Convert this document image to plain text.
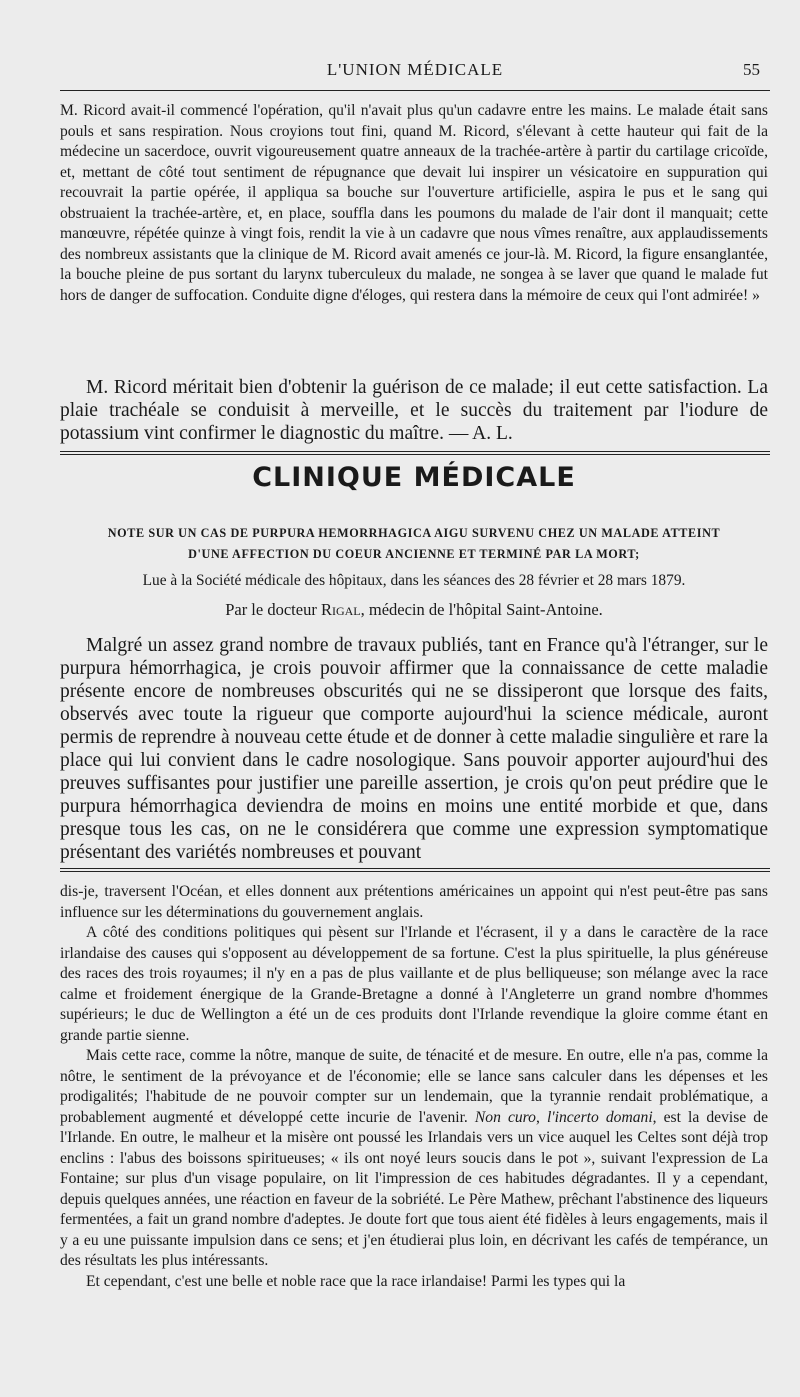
L'UNION MÉDICALE	55

M. Ricord avait-il commencé l'opération, qu'il n'avait plus qu'un cadavre entre les mains. Le malade était sans pouls et sans respiration. Nous croyions tout fini, quand M. Ricord, s'élevant à cette hauteur qui fait de la médecine un sacerdoce, ouvrit vigoureusement quatre anneaux de la trachée-artère à partir du cartilage cricoïde, et, mettant de côté tout sentiment de répugnance que devait lui inspirer un vésicatoire en suppuration qui recouvrait la partie opérée, il appliqua sa bouche sur l'ouverture artificielle, aspira le pus et le sang qui obstruaient la trachée-artère, et, en place, souffla dans les poumons du malade de l'air dont il manquait; cette manœuvre, répétée quinze à vingt fois, rendit la vie à un cadavre que nous vîmes renaître, aux applaudissements des nombreux assistants que la clinique de M. Ricord avait amenés ce jour-là. M. Ricord, la figure ensanglantée, la bouche pleine de pus sortant du larynx tuberculeux du malade, ne songea à se laver que quand le malade fut hors de danger de suffocation. Conduite digne d'éloges, qui restera dans la mémoire de ceux qui l'ont admirée! »

M. Ricord méritait bien d'obtenir la guérison de ce malade; il eut cette satisfaction. La plaie trachéale se conduisit à merveille, et le succès du traitement par l'iodure de potassium vint confirmer le diagnostic du maître. — A. L.

CLINIQUE MÉDICALE
NOTE SUR UN CAS DE PURPURA HEMORRHAGICA AIGU SURVENU CHEZ UN MALADE ATTEINT
D'UNE AFFECTION DU COEUR ANCIENNE ET TERMINÉ PAR LA MORT;
Lue à la Société médicale des hôpitaux, dans les séances des 28 février et 28 mars 1879.
Par le docteur Rigal, médecin de l'hôpital Saint-Antoine.

Malgré un assez grand nombre de travaux publiés, tant en France qu'à l'étranger, sur le purpura hémorrhagica, je crois pouvoir affirmer que la connaissance de cette maladie présente encore de nombreuses obscurités qui ne se dissiperont que lorsque des faits, observés avec toute la rigueur que comporte aujourd'hui la science médicale, auront permis de reprendre à nouveau cette étude et de donner à cette maladie singulière et rare la place qui lui convient dans le cadre nosologique. Sans pouvoir apporter aujourd'hui des preuves suffisantes pour justifier une pareille assertion, je crois qu'on peut prédire que le purpura hémorrhagica deviendra de moins en moins une entité morbide et que, dans presque tous les cas, on ne le considérera que comme une expression symptomatique présentant des variétés nombreuses et pouvant

dis-je, traversent l'Océan, et elles donnent aux prétentions américaines un appoint qui n'est peut-être pas sans influence sur les déterminations du gouvernement anglais.

A côté des conditions politiques qui pèsent sur l'Irlande et l'écrasent, il y a dans le caractère de la race irlandaise des causes qui s'opposent au développement de sa fortune. C'est la plus spirituelle, la plus généreuse des races des trois royaumes; il n'y en a pas de plus vaillante et de plus belliqueuse; son mélange avec la race calme et froidement énergique de la Grande-Bretagne a donné à l'Angleterre un grand nombre d'hommes supérieurs; le duc de Wellington a été un de ces produits dont l'Irlande revendique la gloire comme étant en grande partie sienne.

Mais cette race, comme la nôtre, manque de suite, de ténacité et de mesure. En outre, elle n'a pas, comme la nôtre, le sentiment de la prévoyance et de l'économie; elle se lance sans calculer dans les dépenses et les prodigalités; l'habitude de ne pouvoir compter sur un lendemain, que la tyrannie rendait problématique, a probablement augmenté et développé cette incurie de l'avenir. Non curo, l'incerto domani, est la devise de l'Irlande. En outre, le malheur et la misère ont poussé les Irlandais vers un vice auquel les Celtes sont déjà trop enclins : l'abus des boissons spiritueuses; « ils ont noyé leurs soucis dans le pot », suivant l'expression de La Fontaine; sur plus d'un visage populaire, on lit l'impression de ces habitudes dégradantes. Il y a cependant, depuis quelques années, une réaction en faveur de la sobriété. Le Père Mathew, prêchant l'abstinence des liqueurs fermentées, a fait un grand nombre d'adeptes. Je doute fort que tous aient été fidèles à leurs engagements, mais il y a eu une puissante impulsion dans ce sens; et j'en étudierai plus loin, en décrivant les cafés de tempérance, un des résultats les plus intéressants.

Et cependant, c'est une belle et noble race que la race irlandaise! Parmi les types qui la
